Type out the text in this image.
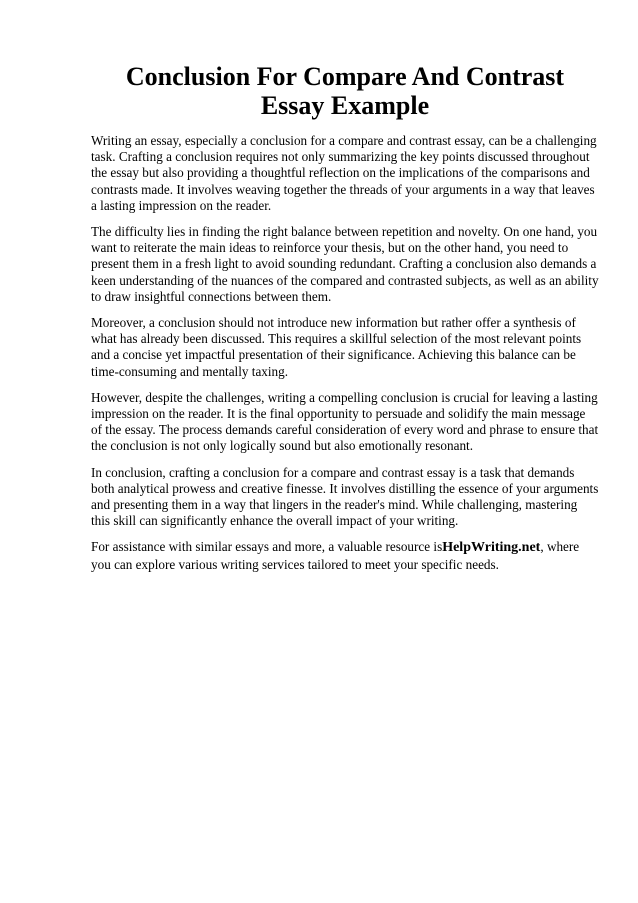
Conclusion For Compare And Contrast Essay Example

Writing an essay, especially a conclusion for a compare and contrast essay, can be a challenging task. Crafting a conclusion requires not only summarizing the key points discussed throughout the essay but also providing a thoughtful reflection on the implications of the comparisons and contrasts made. It involves weaving together the threads of your arguments in a way that leaves a lasting impression on the reader.

The difficulty lies in finding the right balance between repetition and novelty. On one hand, you want to reiterate the main ideas to reinforce your thesis, but on the other hand, you need to present them in a fresh light to avoid sounding redundant. Crafting a conclusion also demands a keen understanding of the nuances of the compared and contrasted subjects, as well as an ability to draw insightful connections between them.

Moreover, a conclusion should not introduce new information but rather offer a synthesis of what has already been discussed. This requires a skillful selection of the most relevant points and a concise yet impactful presentation of their significance. Achieving this balance can be time-consuming and mentally taxing.

However, despite the challenges, writing a compelling conclusion is crucial for leaving a lasting impression on the reader. It is the final opportunity to persuade and solidify the main message of the essay. The process demands careful consideration of every word and phrase to ensure that the conclusion is not only logically sound but also emotionally resonant.

In conclusion, crafting a conclusion for a compare and contrast essay is a task that demands both analytical prowess and creative finesse. It involves distilling the essence of your arguments and presenting them in a way that lingers in the reader's mind. While challenging, mastering this skill can significantly enhance the overall impact of your writing.

For assistance with similar essays and more, a valuable resource isHelpWriting.net, where you can explore various writing services tailored to meet your specific needs.
